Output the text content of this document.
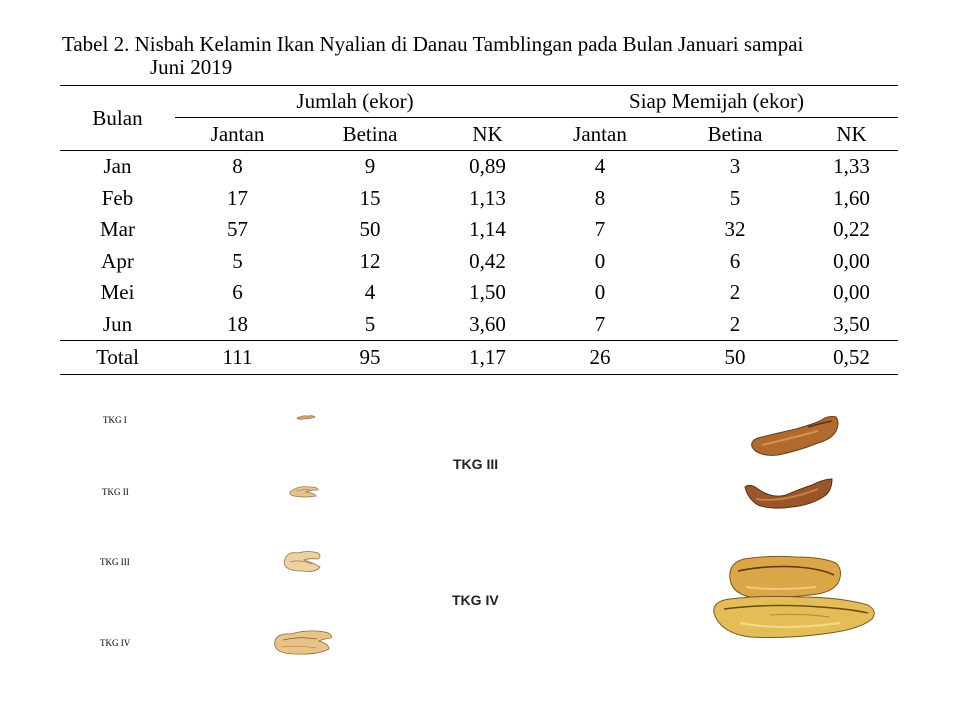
Tabel 2. Nisbah Kelamin Ikan Nyalian di Danau Tamblingan pada Bulan Januari sampai
Juni 2019
Bulan	Jumlah (ekor)			Siap Memijah (ekor)		
	Jantan	Betina	NK	Jantan	Betina	NK
Jan	8	9	0,89	4	3	1,33
Feb	17	15	1,13	8	5	1,60
Mar	57	50	1,14	7	32	0,22
Apr	5	12	0,42	0	6	0,00
Mei	6	4	1,50	0	2	0,00
Jun	18	5	3,60	7	2	3,50
Total	111	95	1,17	26	50	0,52
TKG I
TKG II
TKG III
TKG IV
TKG III
TKG IV
